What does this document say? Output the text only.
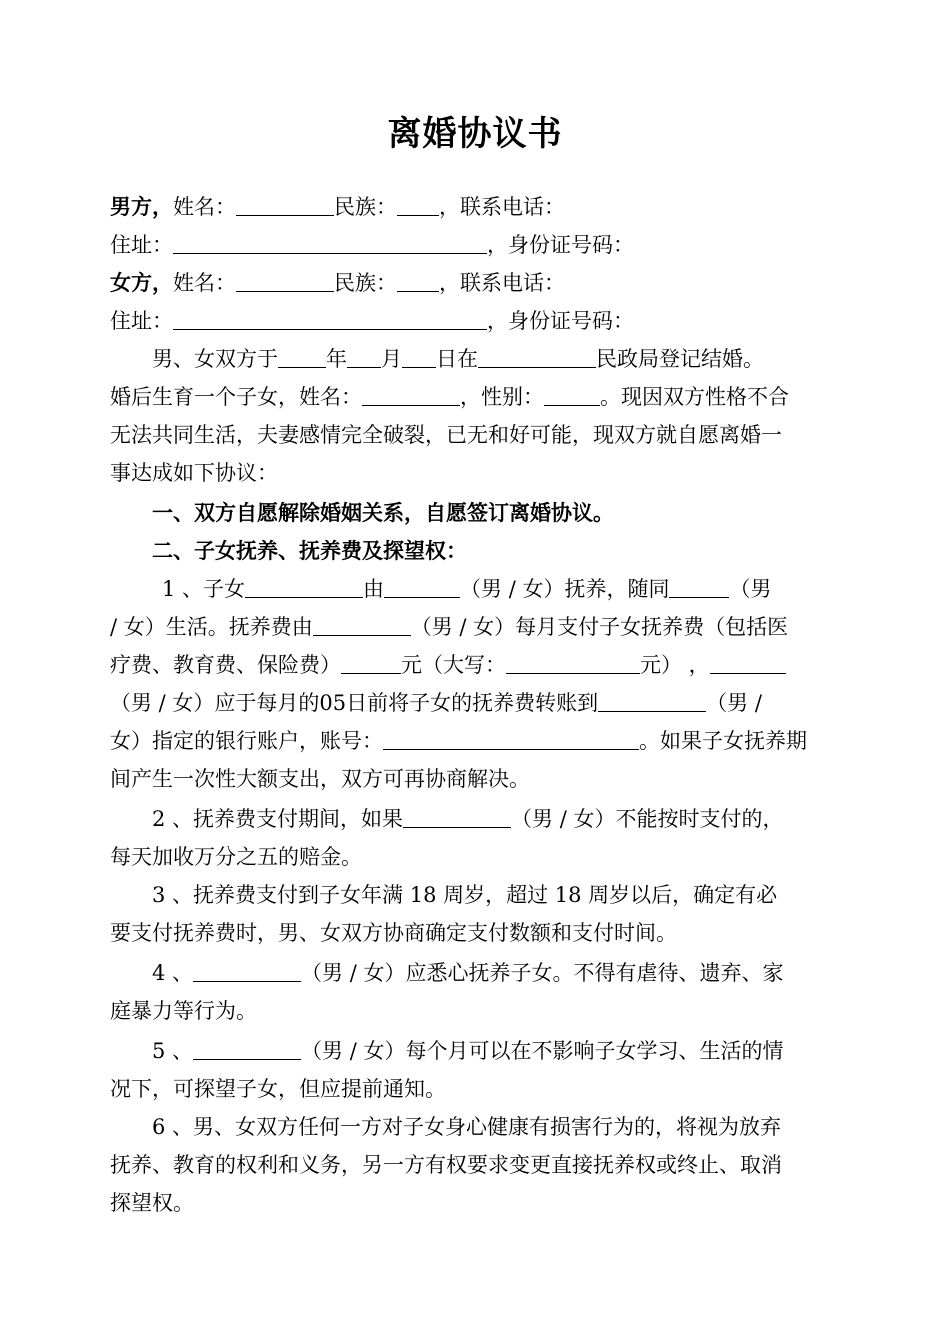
离婚协议书
男方，姓名：	民族： ，联系电话：
住址：	，身份证号码：
女方，姓名：	民族： ，联系电话：
住址：	，身份证号码：
男、女双方于 年 月 日在	民政局登记结婚。
婚后生育一个子女，姓名：	，性别：	。现因双方性格不合
无法共同生活，夫妻感情完全破裂，已无和好可能，现双方就自愿离婚一
事达成如下协议：
一、双方自愿解除婚姻关系，自愿签订离婚协议。
二、子女抚养、抚养费及探望权：
1 、子女	由	（男 / 女）抚养，随同	（男
/ 女）生活。抚养费由	（男 / 女）每月支付子女抚养费（包括医
疗费、教育费、保险费）	元（大写：	元） ，
（男 / 女）应于每月的05日前将子女的抚养费转账到	（男 /
女）指定的银行账户，账号：	。如果子女抚养期
间产生一次性大额支出，双方可再协商解决。
2 、抚养费支付期间，如果	（男 / 女）不能按时支付的，
每天加收万分之五的赔金。
3 、抚养费支付到子女年满 18 周岁，超过 18 周岁以后，确定有必
要支付抚养费时，男、女双方协商确定支付数额和支付时间。
4 、	（男 / 女）应悉心抚养子女。不得有虐待、遗弃、家
庭暴力等行为。
5 、	（男 / 女）每个月可以在不影响子女学习、生活的情
况下，可探望子女，但应提前通知。
6 、男、女双方任何一方对子女身心健康有损害行为的，将视为放弃
抚养、教育的权利和义务，另一方有权要求变更直接抚养权或终止、取消
探望权。
